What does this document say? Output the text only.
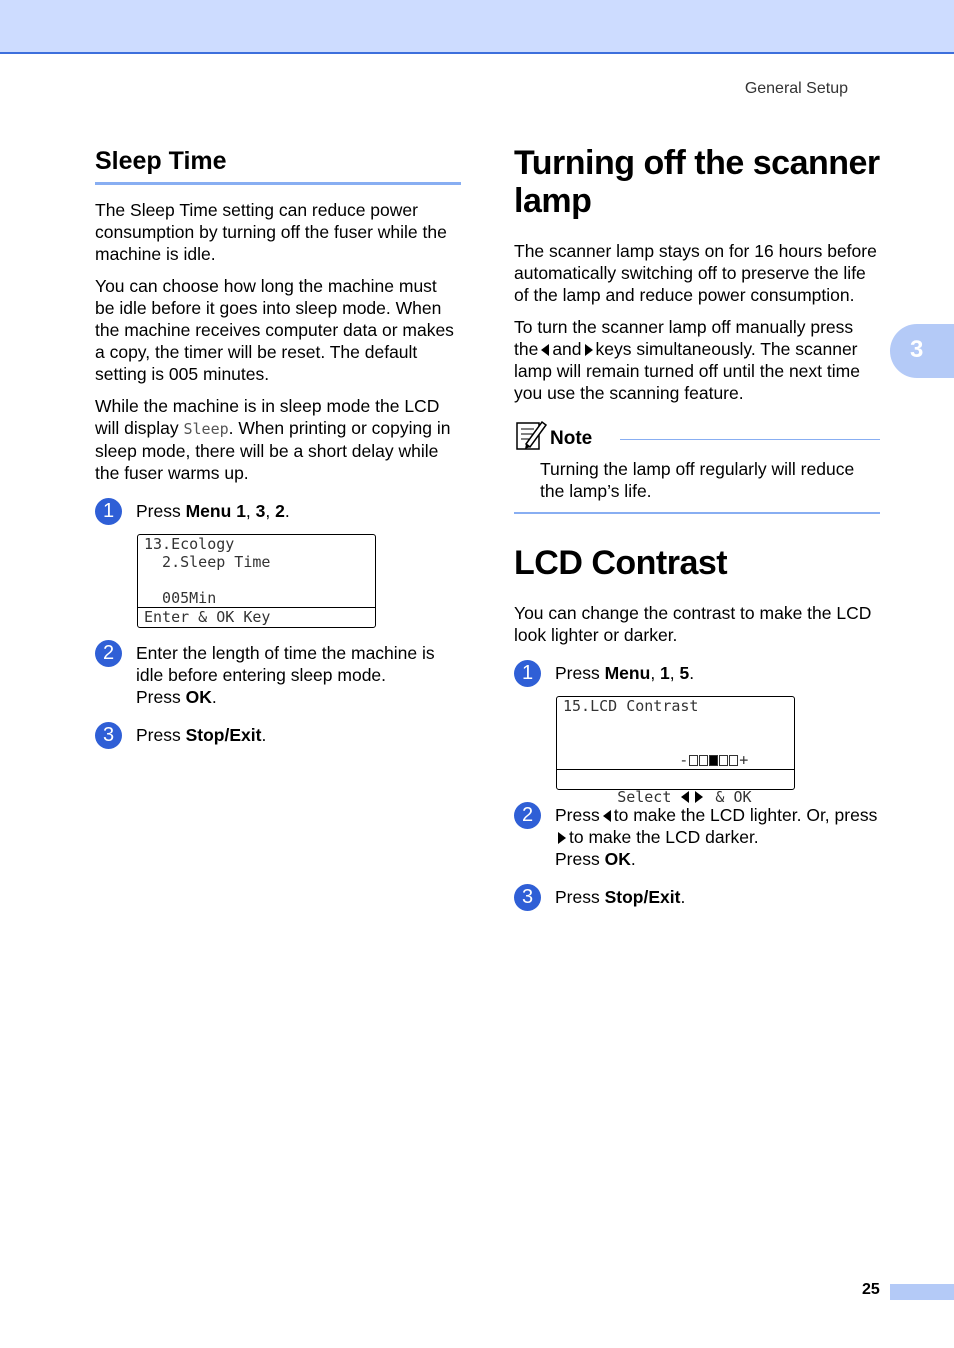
General Setup
3
Sleep Time

The Sleep Time setting can reduce power consumption by turning off the fuser while the machine is idle.

You can choose how long the machine must be idle before it goes into sleep mode. When the machine receives computer data or makes a copy, the timer will be reset. The default setting is 005 minutes.

While the machine is in sleep mode the LCD will display Sleep. When printing or copying in sleep mode, there will be a short delay while the fuser warms up.

1	Press Menu 1, 3, 2.
13.Ecology
2.Sleep Time
005Min
Enter & OK Key
2	Enter the length of time the machine is idle before entering sleep mode.
Press OK.
3	Press Stop/Exit.
Turning off the scanner lamp

The scanner lamp stays on for 16 hours before automatically switching off to preserve the life of the lamp and reduce power consumption.

To turn the scanner lamp off manually press the and keys simultaneously. The scanner lamp will remain turned off until the next time you use the scanning feature.

Note
Turning the lamp off regularly will reduce the lamp’s life.
LCD Contrast

You can change the contrast to make the LCD look lighter or darker.

1	Press Menu, 1, 5.
15.LCD Contrast

-	+

Select	& OK

2	Press to make the LCD lighter. Or, pressto make the LCD darker.
Press OK.
3	Press Stop/Exit.
25
